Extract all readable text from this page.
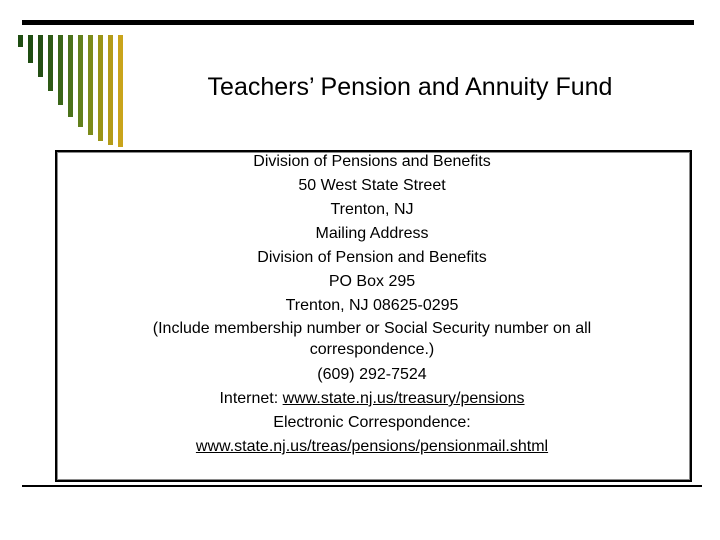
Teachers’ Pension and Annuity Fund
Division of Pensions and Benefits
50 West State Street
Trenton, NJ
Mailing Address
Division of Pension and Benefits
PO Box 295
Trenton, NJ 08625-0295
(Include membership number or Social Security number on all correspondence.)
(609) 292-7524
Internet: www.state.nj.us/treasury/pensions
Electronic Correspondence:
www.state.nj.us/treas/pensions/pensionmail.shtml
